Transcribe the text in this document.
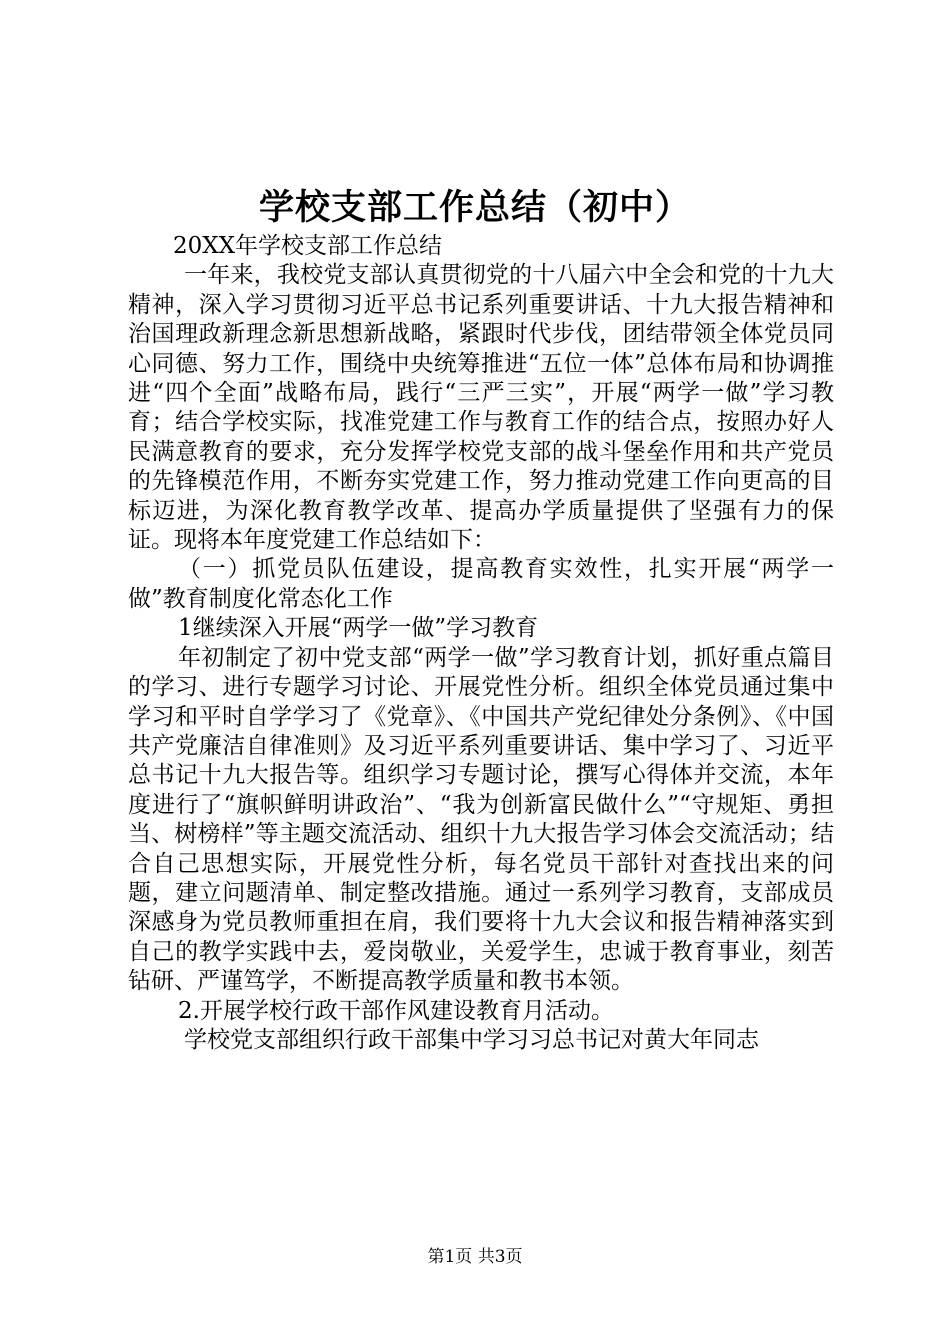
学校支部工作总结（初中）

20XX年学校支部工作总结

一年来，我校党支部认真贯彻党的十八届六中全会和党的十九大精神，深入学习贯彻习近平总书记系列重要讲话、十九大报告精神和治国理政新理念新思想新战略，紧跟时代步伐，团结带领全体党员同心同德、努力工作，围绕中央统筹推进“五位一体”总体布局和协调推进“四个全面”战略布局，践行“三严三实”，开展“两学一做”学习教育；结合学校实际，找准党建工作与教育工作的结合点，按照办好人民满意教育的要求，充分发挥学校党支部的战斗堡垒作用和共产党员的先锋模范作用，不断夯实党建工作，努力推动党建工作向更高的目标迈进，为深化教育教学改革、提高办学质量提供了坚强有力的保证。现将本年度党建工作总结如下：

（一）抓党员队伍建设，提高教育实效性，扎实开展“两学一做”教育制度化常态化工作

1继续深入开展“两学一做”学习教育

年初制定了初中党支部“两学一做”学习教育计划，抓好重点篇目的学习、进行专题学习讨论、开展党性分析。组织全体党员通过集中学习和平时自学学习了《党章》、《中国共产党纪律处分条例》、《中国共产党廉洁自律准则》及习近平系列重要讲话、集中学习了、习近平总书记十九大报告等。组织学习专题讨论，撰写心得体并交流，本年度进行了“旗帜鲜明讲政治”、“我为创新富民做什么”“守规矩、勇担当、树榜样”等主题交流活动、组织十九大报告学习体会交流活动；结合自己思想实际，开展党性分析，每名党员干部针对查找出来的问题，建立问题清单、制定整改措施。通过一系列学习教育，支部成员深感身为党员教师重担在肩，我们要将十九大会议和报告精神落实到自己的教学实践中去，爱岗敬业，关爱学生，忠诚于教育事业，刻苦钻研、严谨笃学，不断提高教学质量和教书本领。

2.开展学校行政干部作风建设教育月活动。

学校党支部组织行政干部集中学习习总书记对黄大年同志

第1页 共3页
